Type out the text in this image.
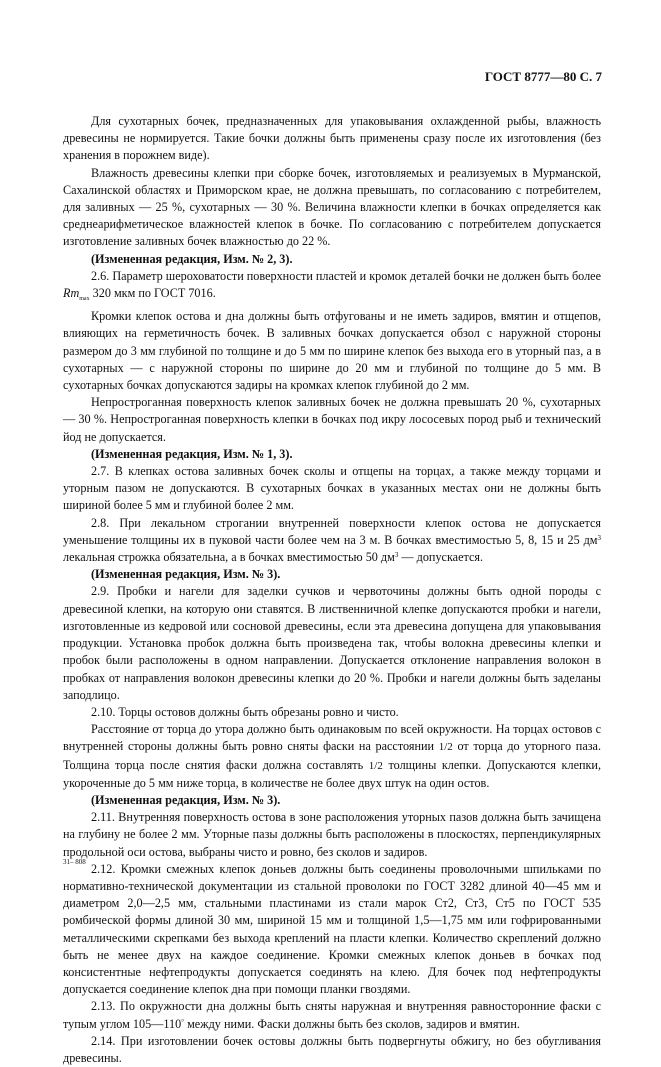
ГОСТ 8777—80 С. 7

Для сухотарных бочек, предназначенных для упаковывания охлажденной рыбы, влажность древесины не нормируется. Такие бочки должны быть применены сразу после их изготовления (без хранения в порожнем виде).

Влажность древесины клепки при сборке бочек, изготовляемых и реализуемых в Мурманской, Сахалинской областях и Приморском крае, не должна превышать, по согласованию с потребителем, для заливных — 25 %, сухотарных — 30 %. Величина влажности клепки в бочках определяется как среднеарифметическое влажностей клепок в бочке. По согласованию с потребителем допускается изготовление заливных бочек влажностью до 22 %.

(Измененная редакция, Изм. № 2, 3).

2.6. Параметр шероховатости поверхности пластей и кромок деталей бочки не должен быть более $Rm_{max}$ 320 мкм по ГОСТ 7016.

Кромки клепок остова и дна должны быть отфугованы и не иметь задиров, вмятин и отщепов, влияющих на герметичность бочек. В заливных бочках допускается обзол с наружной стороны размером до 3 мм глубиной по толщине и до 5 мм по ширине клепок без выхода его в уторный паз, а в сухотарных — с наружной стороны по ширине до 20 мм и глубиной по толщине до 5 мм. В сухотарных бочках допускаются задиры на кромках клепок глубиной до 2 мм.

Непростроганная поверхность клепок заливных бочек не должна превышать 20 %, сухотарных — 30 %. Непростроганная поверхность клепки в бочках под икру лососевых пород рыб и технический йод не допускается.

(Измененная редакция, Изм. № 1, 3).

2.7. В клепках остова заливных бочек сколы и отщепы на торцах, а также между торцами и уторным пазом не допускаются. В сухотарных бочках в указанных местах они не должны быть шириной более 5 мм и глубиной более 2 мм.

2.8. При лекальном строгании внутренней поверхности клепок остова не допускается уменьшение толщины их в пуковой части более чем на 3 м. В бочках вместимостью 5, 8, 15 и 25 $дм^3$ лекальная строжка обязательна, а в бочках вместимостью 50 $дм^3$ — допускается.

(Измененная редакция, Изм. № 3).

2.9. Пробки и нагели для заделки сучков и червоточины должны быть одной породы с древесиной клепки, на которую они ставятся. В лиственничной клепке допускаются пробки и нагели, изготовленные из кедровой или сосновой древесины, если эта древесина допущена для упаковывания продукции. Установка пробок должна быть произведена так, чтобы волокна древесины клепки и пробок были расположены в одном направлении. Допускается отклонение направления волокон в пробках от направления волокон древесины клепки до 20 %. Пробки и нагели должны быть заделаны заподлицо.

2.10. Торцы остовов должны быть обрезаны ровно и чисто.

Расстояние от торца до утора должно быть одинаковым по всей окружности. На торцах остовов с внутренней стороны должны быть ровно сняты фаски на расстоянии 1/2 от торца до уторного паза. Толщина торца после снятия фаски должна составлять 1/2 толщины клепки. Допускаются клепки, укороченные до 5 мм ниже торца, в количестве не более двух штук на один остов.

(Измененная редакция, Изм. № 3).

2.11. Внутренняя поверхность остова в зоне расположения уторных пазов должна быть зачищена на глубину не более 2 мм. Уторные пазы должны быть расположены в плоскостях, перпендикулярных продольной оси остова, выбраны чисто и ровно, без сколов и задиров.

2.12. Кромки смежных клепок доньев должны быть соединены проволочными шпильками по нормативно-технической документации из стальной проволоки по ГОСТ 3282 длиной 40—45 мм и диаметром 2,0—2,5 мм, стальными пластинами из стали марок Ст2, Ст3, Ст5 по ГОСТ 535 ромбической формы длиной 30 мм, шириной 15 мм и толщиной 1,5—1,75 мм или гофрированными металлическими скрепками без выхода креплений на пласти клепки. Количество скреплений должно быть не менее двух на каждое соединение. Кромки смежных клепок доньев в бочках под консистентные нефтепродукты допускается соединять на клею. Для бочек под нефтепродукты допускается соединение клепок дна при помощи планки гвоздями.

2.13. По окружности дна должны быть сняты наружная и внутренняя равносторонние фаски с тупым углом 105—110° между ними. Фаски должны быть без сколов, задиров и вмятин.

2.14. При изготовлении бочек остовы должны быть подвергнуты обжигу, но без обугливания древесины.

31– 808
